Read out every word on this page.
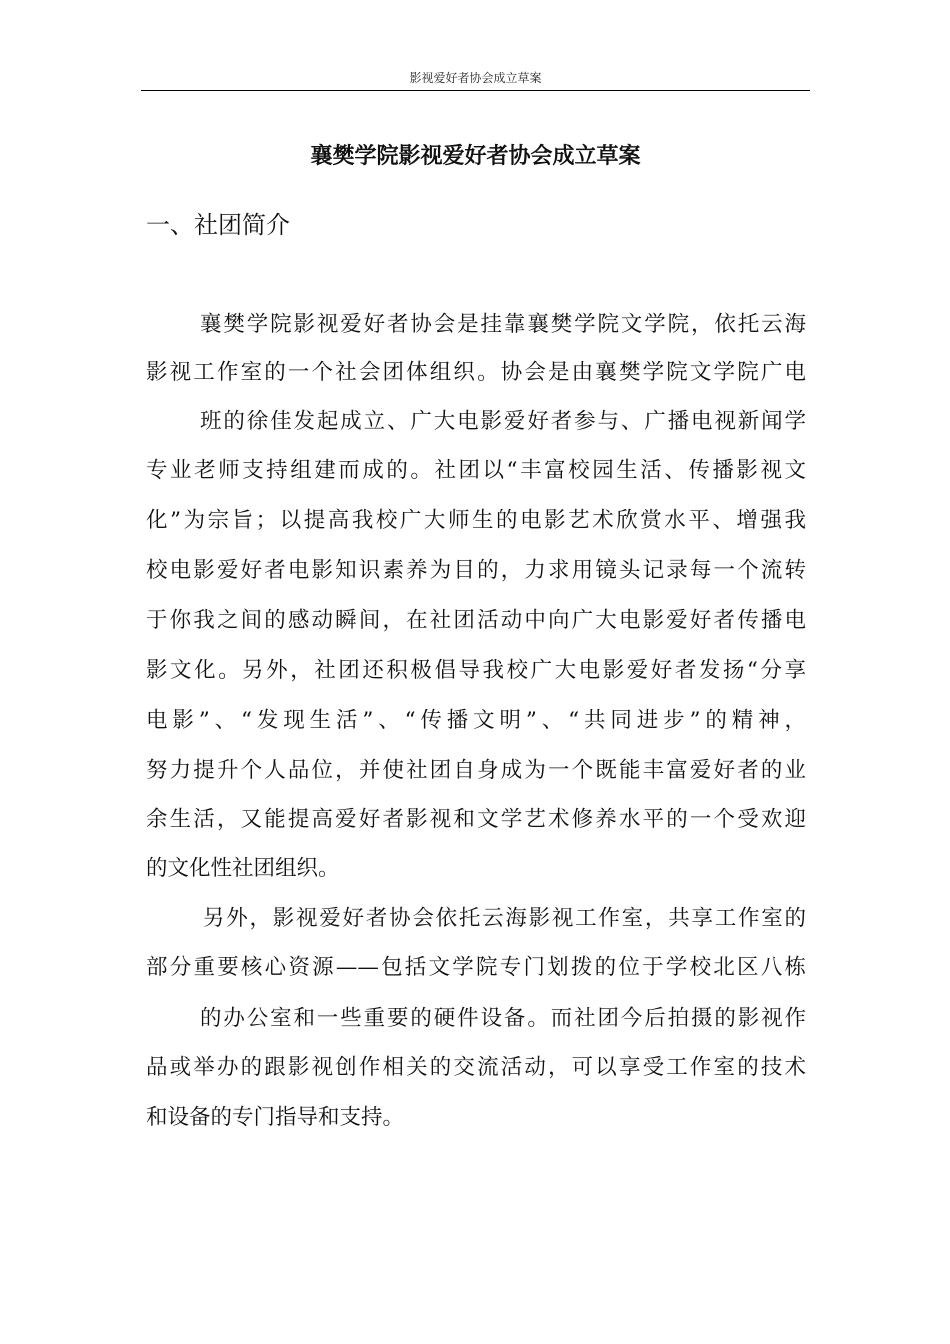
影视爱好者协会成立草案
襄樊学院影视爱好者协会成立草案
一、社团简介
襄樊学院影视爱好者协会是挂靠襄樊学院文学院，依托云海
影视工作室的一个社会团体组织。协会是由襄樊学院文学院广电
班的徐佳发起成立、广大电影爱好者参与、广播电视新闻学
专业老师支持组建而成的。社团以“丰富校园生活、传播影视文
化”为宗旨；以提高我校广大师生的电影艺术欣赏水平、增强我
校电影爱好者电影知识素养为目的，力求用镜头记录每一个流转
于你我之间的感动瞬间，在社团活动中向广大电影爱好者传播电
影文化。另外，社团还积极倡导我校广大电影爱好者发扬“分享
电影”、“发现生活”、“传播文明”、“共同进步”的精神，
努力提升个人品位，并使社团自身成为一个既能丰富爱好者的业
余生活，又能提高爱好者影视和文学艺术修养水平的一个受欢迎
的文化性社团组织。
另外，影视爱好者协会依托云海影视工作室，共享工作室的
部分重要核心资源——包括文学院专门划拨的位于学校北区八栋
的办公室和一些重要的硬件设备。而社团今后拍摄的影视作
品或举办的跟影视创作相关的交流活动，可以享受工作室的技术
和设备的专门指导和支持。
